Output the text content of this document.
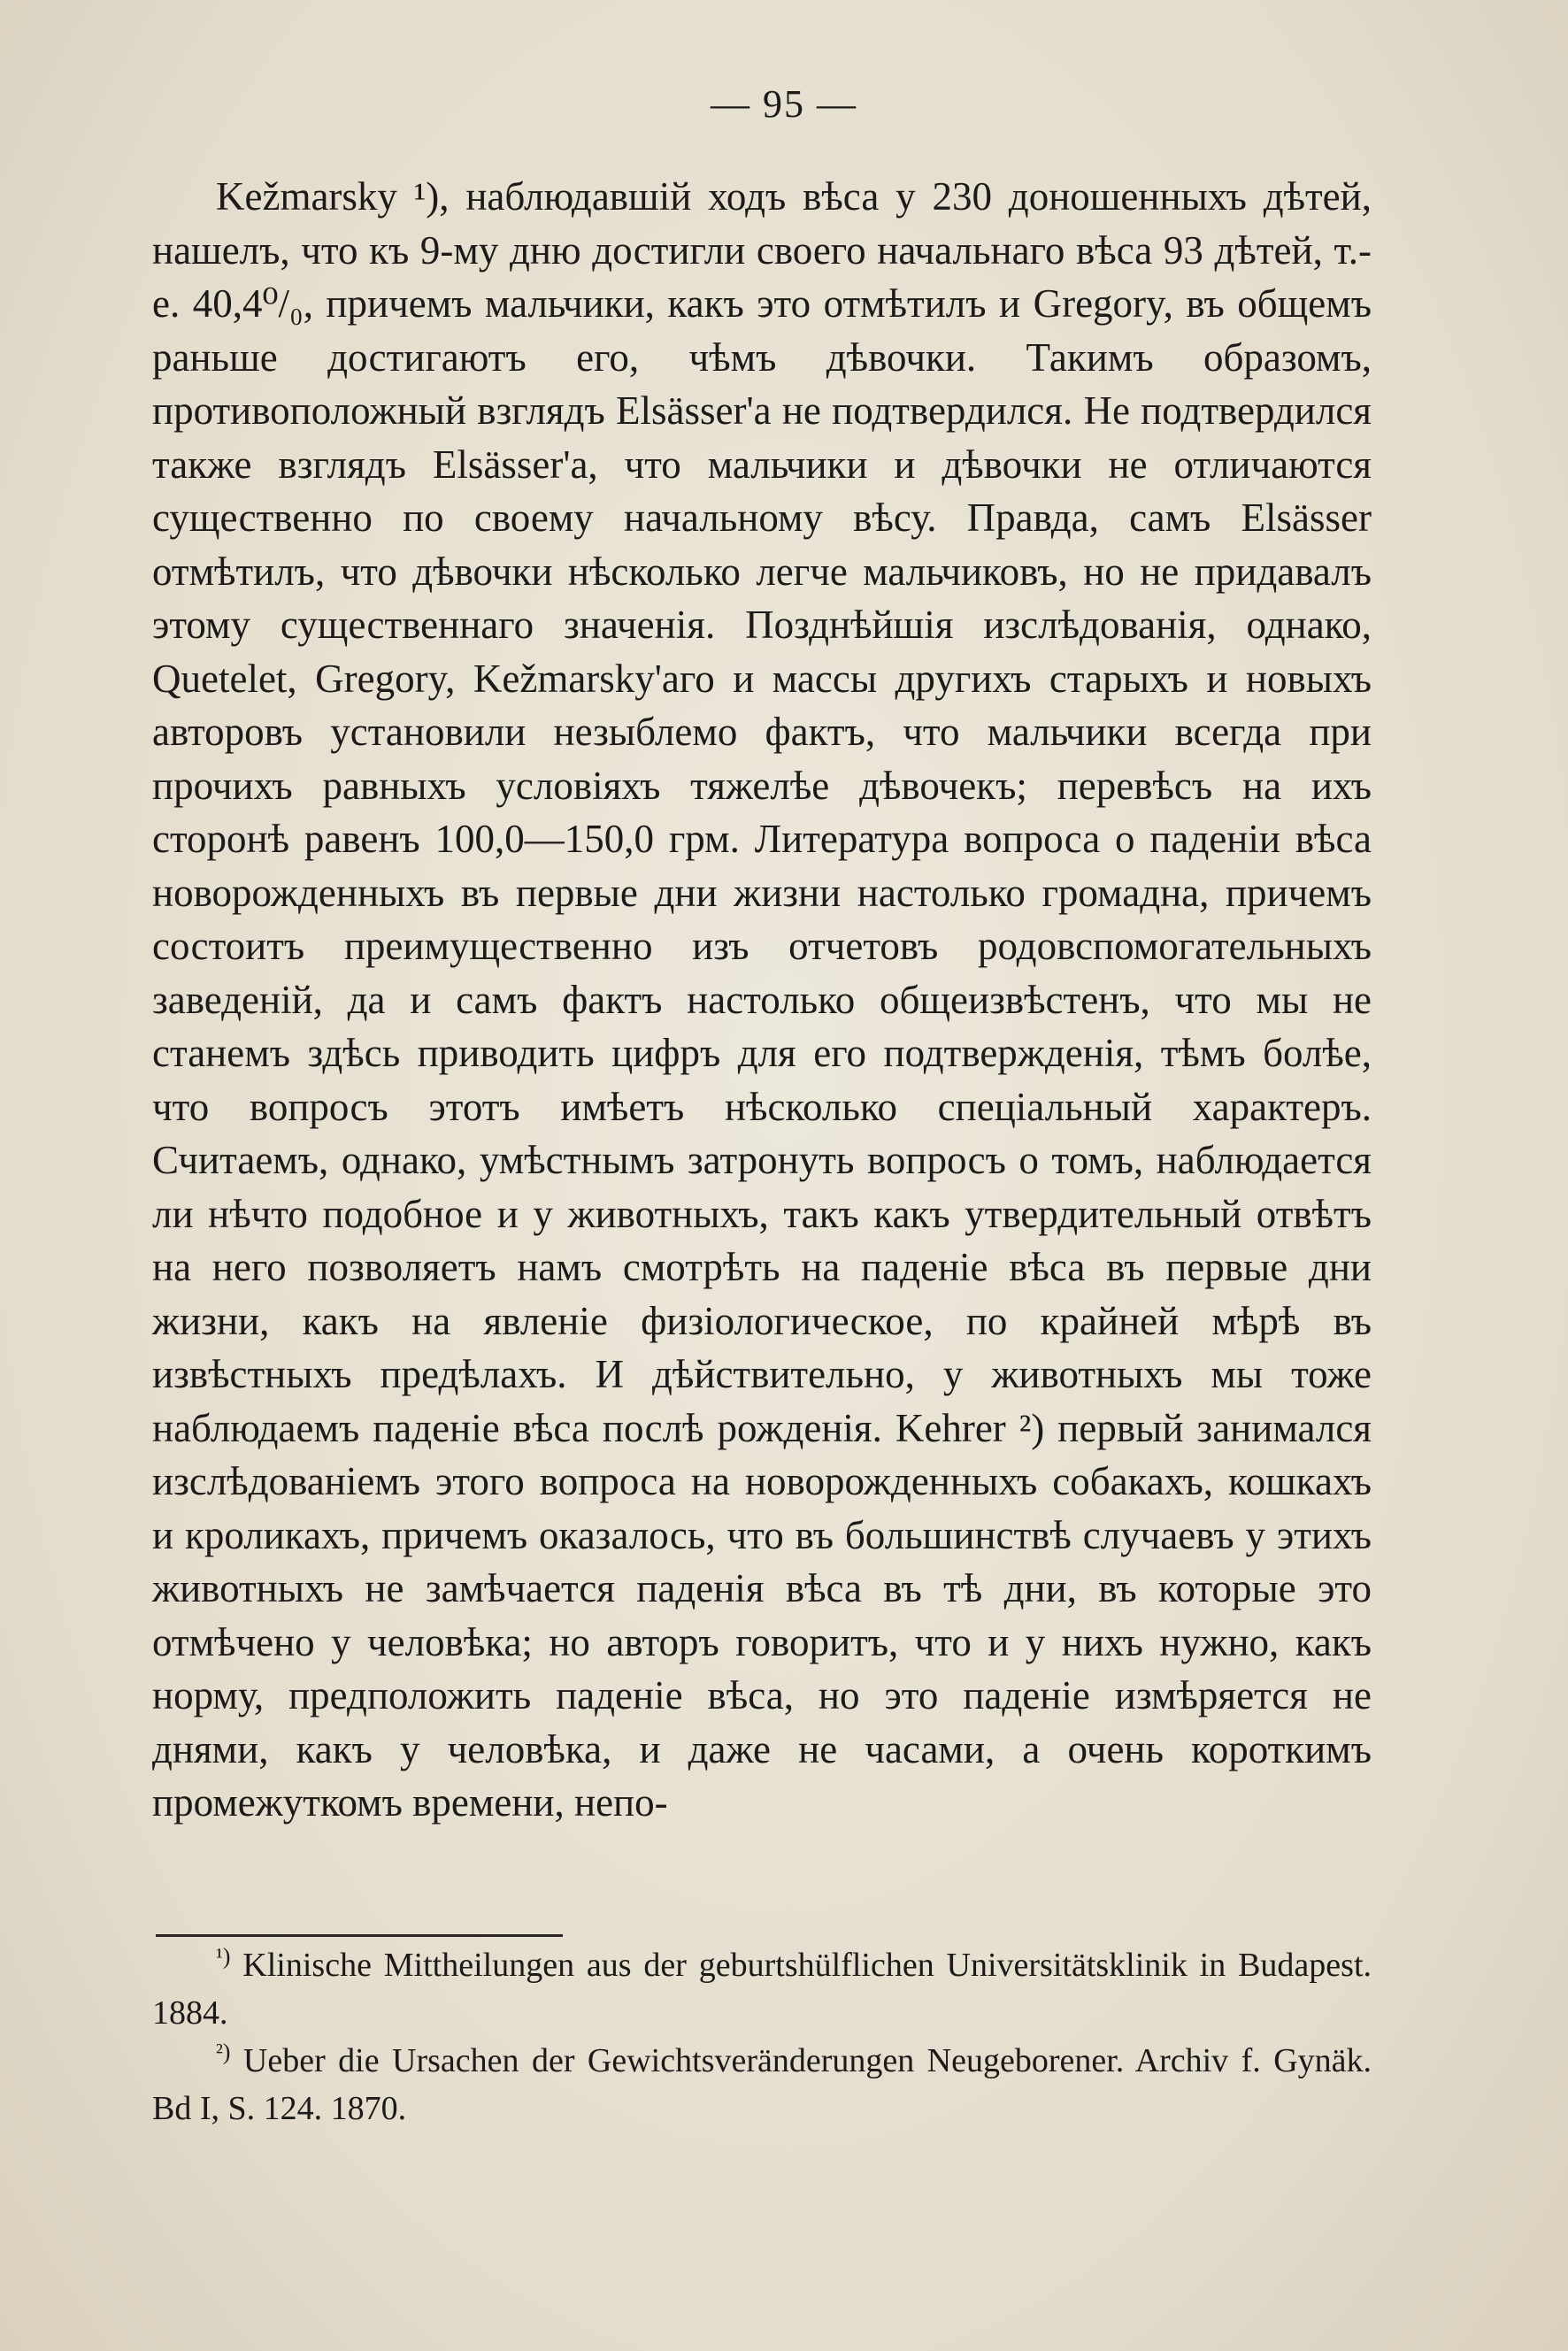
— 95 —

Kežmarsky ¹), наблюдавшій ходъ вѣса у 230 доношенныхъ дѣтей, нашелъ, что къ 9-му дню достигли своего начальнаго вѣса 93 дѣтей, т.-е. 40,4⁰/₀, причемъ мальчики, какъ это отмѣтилъ и Gregory, въ общемъ раньше достигаютъ его, чѣмъ дѣвочки. Такимъ образомъ, противоположный взглядъ Elsässer'а не подтвердился. Не подтвердился также взглядъ Elsässer'а, что мальчики и дѣвочки не отличаются существенно по своему начальному вѣсу. Правда, самъ Elsässer отмѣтилъ, что дѣвочки нѣсколько легче мальчиковъ, но не придавалъ этому существеннаго значенія. Позднѣйшія изслѣдованія, однако, Quetelet, Gregory, Kežmarsky'аго и массы другихъ старыхъ и новыхъ авторовъ установили незыблемо фактъ, что мальчики всегда при прочихъ равныхъ условіяхъ тяжелѣе дѣвочекъ; перевѣсъ на ихъ сторонѣ равенъ 100,0—150,0 грм. Литература вопроса о паденіи вѣса новорожденныхъ въ первые дни жизни настолько громадна, причемъ состоитъ преимущественно изъ отчетовъ родовспомогательныхъ заведеній, да и самъ фактъ настолько общеизвѣстенъ, что мы не станемъ здѣсь приводить цифръ для его подтвержденія, тѣмъ болѣе, что вопросъ этотъ имѣетъ нѣсколько спеціальный характеръ. Считаемъ, однако, умѣстнымъ затронуть вопросъ о томъ, наблюдается ли нѣчто подобное и у животныхъ, такъ какъ утвердительный отвѣтъ на него позволяетъ намъ смотрѣть на паденіе вѣса въ первые дни жизни, какъ на явленіе физіологическое, по крайней мѣрѣ въ извѣстныхъ предѣлахъ. И дѣйствительно, у животныхъ мы тоже наблюдаемъ паденіе вѣса послѣ рожденія. Kehrer ²) первый занимался изслѣдованіемъ этого вопроса на новорожденныхъ собакахъ, кошкахъ и кроликахъ, причемъ оказалось, что въ большинствѣ случаевъ у этихъ животныхъ не замѣчается паденія вѣса въ тѣ дни, въ которые это отмѣчено у человѣка; но авторъ говоритъ, что и у нихъ нужно, какъ норму, предположить паденіе вѣса, но это паденіе измѣряется не днями, какъ у человѣка, и даже не часами, а очень короткимъ промежуткомъ времени, непо-

$^{^1)}$ Klinische Mittheilungen aus der geburtshülflichen Universitätsklinik in Budapest. 1884.

$^{^2)}$ Ueber die Ursachen der Gewichtsveränderungen Neugeborener. Archiv f. Gynäk. Bd I, S. 124. 1870.
